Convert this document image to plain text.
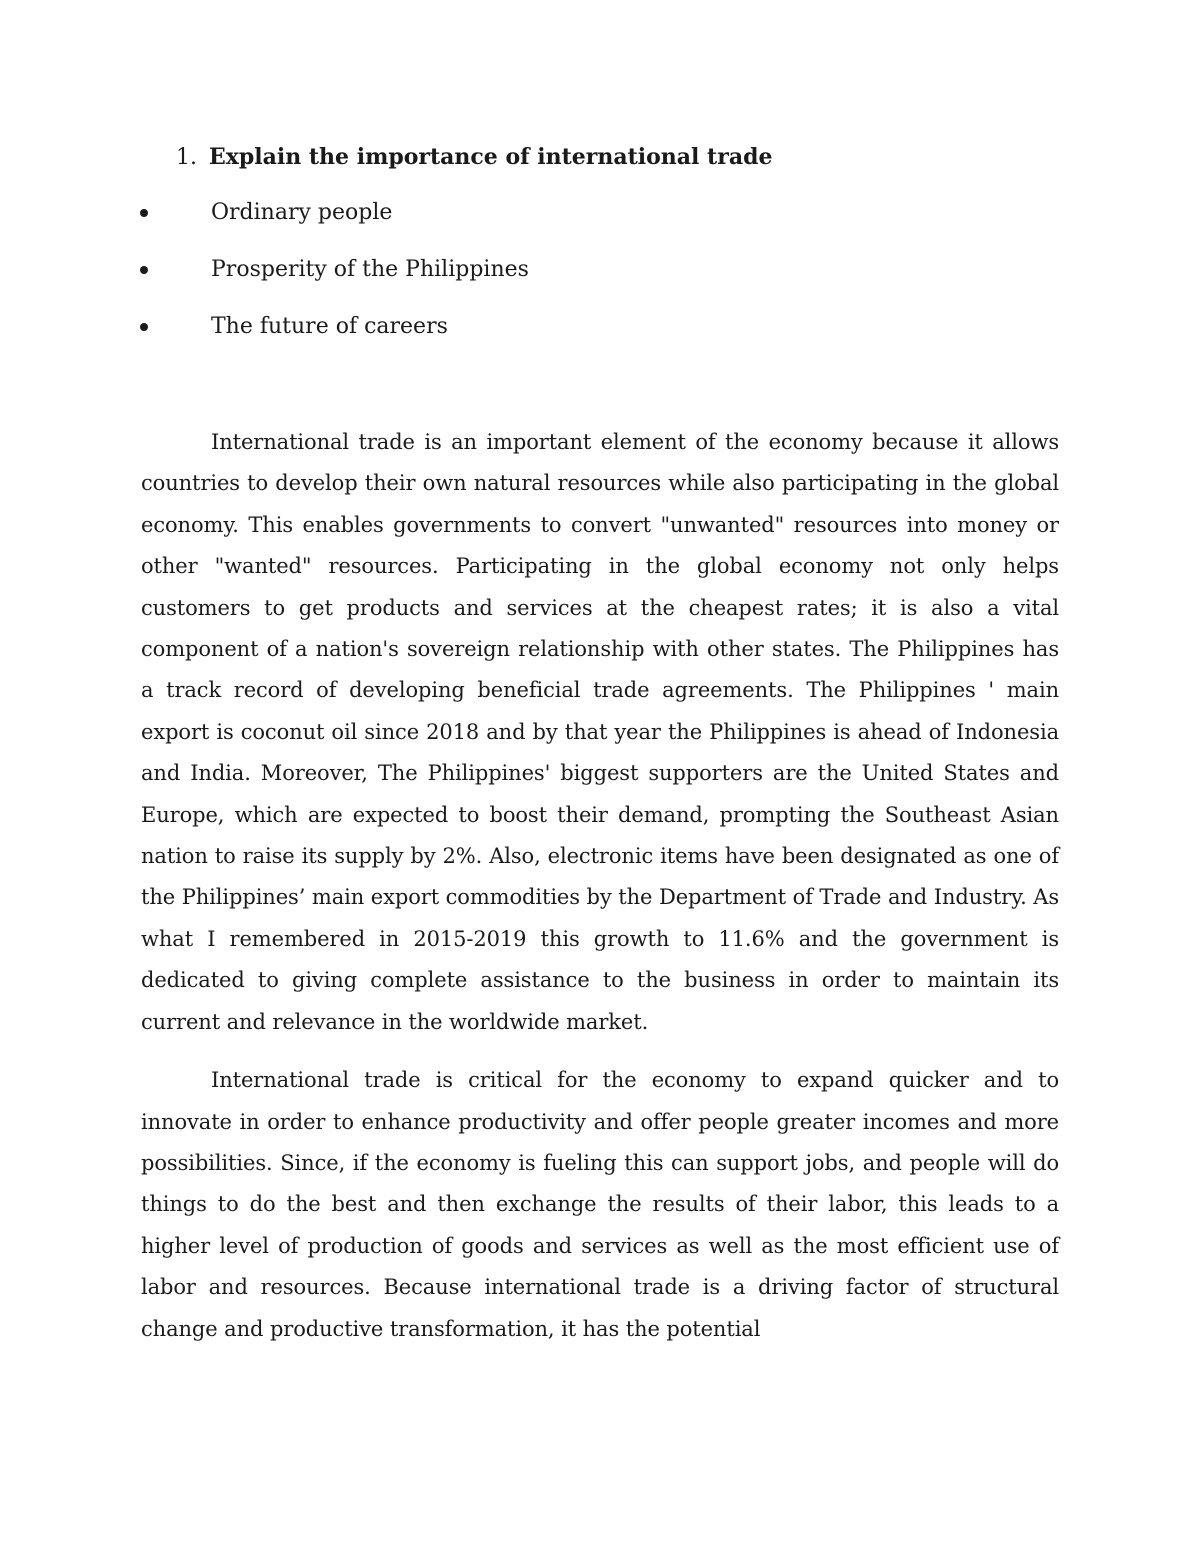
1. Explain the importance of international trade
Ordinary people
Prosperity of the Philippines
The future of careers

International trade is an important element of the economy because it allows countries to develop their own natural resources while also participating in the global economy. This enables governments to convert "unwanted" resources into money or other "wanted" resources. Participating in the global economy not only helps customers to get products and services at the cheapest rates; it is also a vital component of a nation's sovereign relationship with other states. The Philippines has a track record of developing beneficial trade agreements. The Philippines ' main export is coconut oil since 2018 and by that year the Philippines is ahead of Indonesia and India. Moreover, The Philippines' biggest supporters are the United States and Europe, which are expected to boost their demand, prompting the Southeast Asian nation to raise its supply by 2%. Also, electronic items have been designated as one of the Philippines’ main export commodities by the Department of Trade and Industry. As what I remembered in 2015-2019 this growth to 11.6% and the government is dedicated to giving complete assistance to the business in order to maintain its current and relevance in the worldwide market.

International trade is critical for the economy to expand quicker and to innovate in order to enhance productivity and offer people greater incomes and more possibilities. Since, if the economy is fueling this can support jobs, and people will do things to do the best and then exchange the results of their labor, this leads to a higher level of production of goods and services as well as the most efficient use of labor and resources. Because international trade is a driving factor of structural change and productive transformation, it has the potential
